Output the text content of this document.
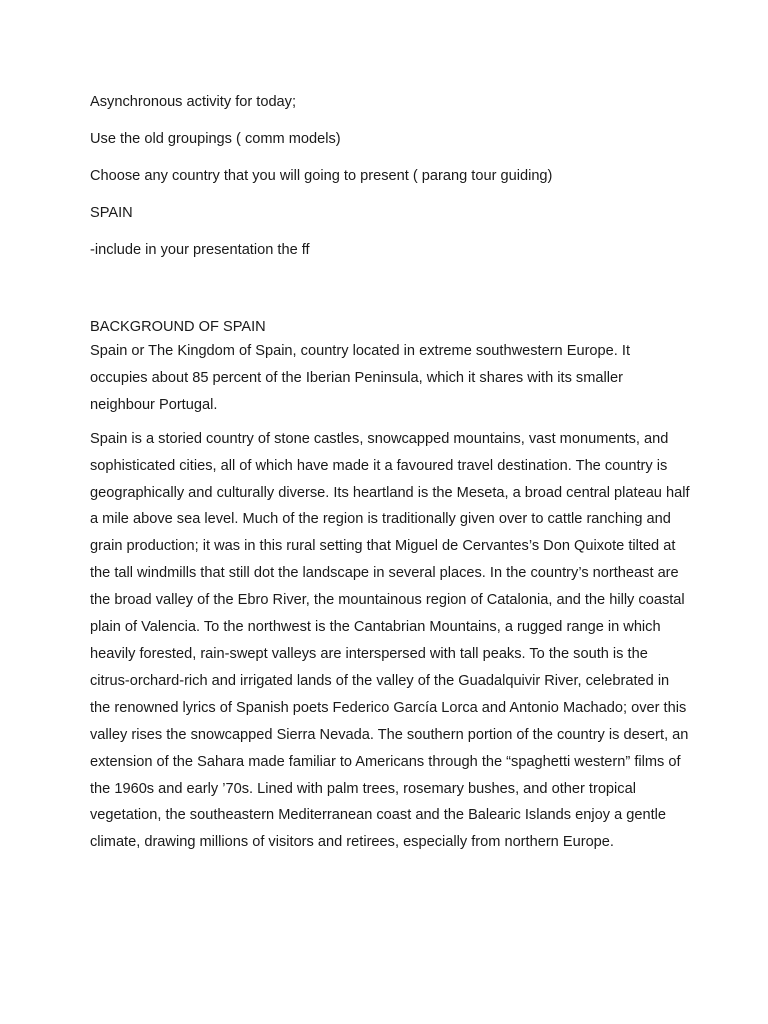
Asynchronous activity for today;

Use the old groupings ( comm models)

Choose any country that you will going to present ( parang tour guiding)

SPAIN

-include in your presentation the ff

BACKGROUND OF SPAIN

Spain or The Kingdom of Spain, country located in extreme southwestern Europe. It occupies about 85 percent of the Iberian Peninsula, which it shares with its smaller neighbour Portugal.

Spain is a storied country of stone castles, snowcapped mountains, vast monuments, and sophisticated cities, all of which have made it a favoured travel destination. The country is geographically and culturally diverse. Its heartland is the Meseta, a broad central plateau half a mile above sea level. Much of the region is traditionally given over to cattle ranching and grain production; it was in this rural setting that Miguel de Cervantes’s Don Quixote tilted at the tall windmills that still dot the landscape in several places. In the country’s northeast are the broad valley of the Ebro River, the mountainous region of Catalonia, and the hilly coastal plain of Valencia. To the northwest is the Cantabrian Mountains, a rugged range in which heavily forested, rain-swept valleys are interspersed with tall peaks. To the south is the citrus-orchard-rich and irrigated lands of the valley of the Guadalquivir River, celebrated in the renowned lyrics of Spanish poets Federico García Lorca and Antonio Machado; over this valley rises the snowcapped Sierra Nevada. The southern portion of the country is desert, an extension of the Sahara made familiar to Americans through the “spaghetti western” films of the 1960s and early ’70s. Lined with palm trees, rosemary bushes, and other tropical vegetation, the southeastern Mediterranean coast and the Balearic Islands enjoy a gentle climate, drawing millions of visitors and retirees, especially from northern Europe.
